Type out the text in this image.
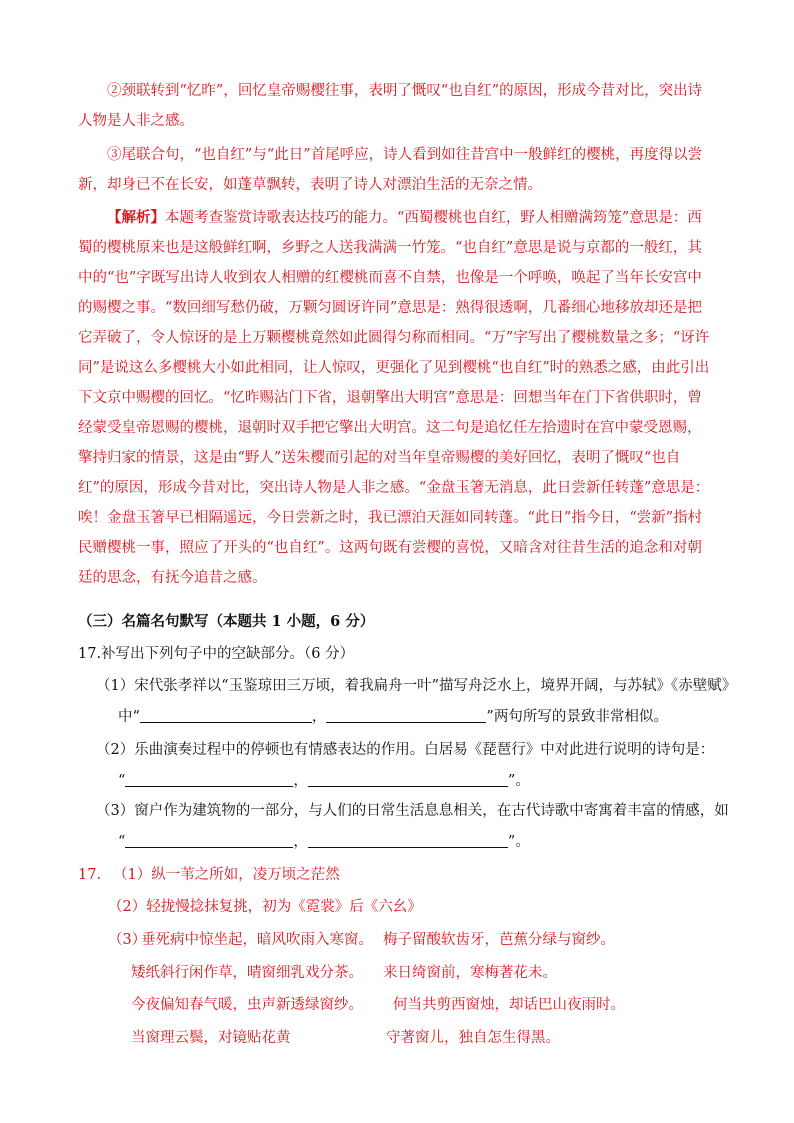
②颈联转到“忆昨”，回忆皇帝赐樱往事，表明了慨叹“也自红”的原因，形成今昔对比，突出诗人物是人非之感。

③尾联合句，“也自红”与“此日”首尾呼应，诗人看到如往昔宫中一般鲜红的樱桃，再度得以尝新，却身已不在长安，如蓬草飘转，表明了诗人对漂泊生活的无奈之情。

【解析】本题考查鉴赏诗歌表达技巧的能力。“西蜀樱桃也自红，野人相赠满筠笼”意思是：西蜀的樱桃原来也是这般鲜红啊，乡野之人送我满满一竹笼。“也自红”意思是说与京都的一般红，其中的“也”字既写出诗人收到农人相赠的红樱桃而喜不自禁，也像是一个呼唤，唤起了当年长安宫中的赐樱之事。“数回细写愁仍破，万颗匀圆讶许同”意思是：熟得很透啊，几番细心地移放却还是把它弄破了，令人惊讶的是上万颗樱桃竟然如此圆得匀称而相同。“万”字写出了樱桃数量之多；“讶许同”是说这么多樱桃大小如此相同，让人惊叹，更强化了见到樱桃“也自红”时的熟悉之感，由此引出下文京中赐樱的回忆。“忆昨赐沾门下省，退朝擎出大明宫”意思是：回想当年在门下省供职时，曾经蒙受皇帝恩赐的樱桃，退朝时双手把它擎出大明宫。这二句是追忆任左拾遗时在宫中蒙受恩赐，擎持归家的情景，这是由“野人”送朱樱而引起的对当年皇帝赐樱的美好回忆，表明了慨叹“也自红”的原因，形成今昔对比，突出诗人物是人非之感。“金盘玉箸无消息，此日尝新任转蓬”意思是：唉！金盘玉箸早已相隔遥远，今日尝新之时，我已漂泊天涯如同转蓬。“此日”指今日，“尝新”指村民赠樱桃一事，照应了开头的“也自红”。这两句既有尝樱的喜悦，又暗含对往昔生活的追念和对朝廷的思念，有抚今追昔之感。

（三）名篇名句默写（本题共 1 小题，6 分）
17.补写出下列句子中的空缺部分。（6 分）
（1）宋代张孝祥以“玉鉴琼田三万顷，着我扁舟一叶”描写舟泛水上，境界开阔，与苏轼》《赤壁赋》
中“	，	”两句所写的景致非常相似。
（2）乐曲演奏过程中的停顿也有情感表达的作用。白居易《琵琶行》中对此进行说明的诗句是：
“	，	”。
（3）窗户作为建筑物的一部分，与人们的日常生活息息相关，在古代诗歌中寄寓着丰富的情感，如
“	，	”。
17. （1）纵一苇之所如，凌万顷之茫然
（2）轻拢慢捻抹复挑，初为《霓裳》后《六幺》
（3）
垂死病中惊坐起，暗风吹雨入寒窗。 梅子留酸软齿牙，芭蕉分绿与窗纱。
矮纸斜行闲作草，晴窗细乳戏分茶。 来日绮窗前，寒梅著花未。
今夜偏知春气暖，虫声新透绿窗纱。 何当共剪西窗烛，却话巴山夜雨时。
当窗理云鬓，对镜贴花黄	守著窗儿，独自怎生得黑。
